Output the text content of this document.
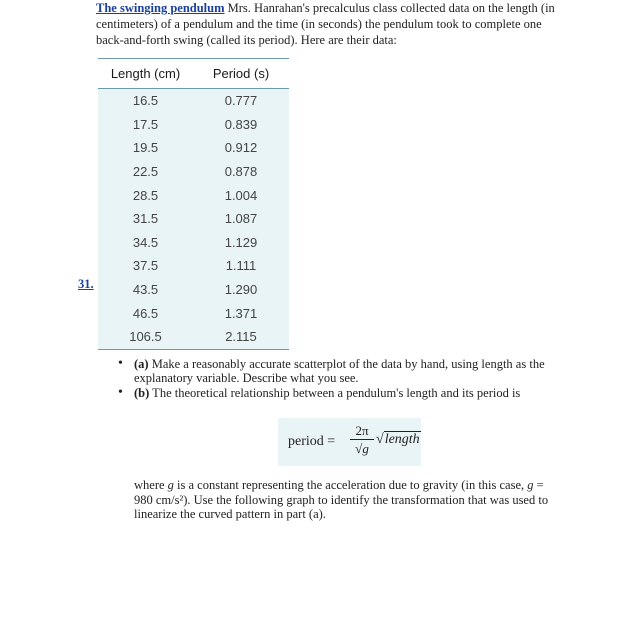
The swinging pendulum Mrs. Hanrahan's precalculus class collected data on the length (in centimeters) of a pendulum and the time (in seconds) the pendulum took to complete one back-and-forth swing (called its period). Here are their data:
31.
Length (cm)	Period (s)
16.5	0.777
17.5	0.839
19.5	0.912
22.5	0.878
28.5	1.004
31.5	1.087
34.5	1.129
37.5	1.111
43.5	1.290
46.5	1.371
106.5	2.115
• (a) Make a reasonably accurate scatterplot of the data by hand, using length as the explanatory variable. Describe what you see.
• (b) The theoretical relationship between a pendulum's length and its period is
period =
2π
√g
√length
where g is a constant representing the acceleration due to gravity (in this case, g = 980 cm/s²). Use the following graph to identify the transformation that was used to linearize the curved pattern in part (a).
